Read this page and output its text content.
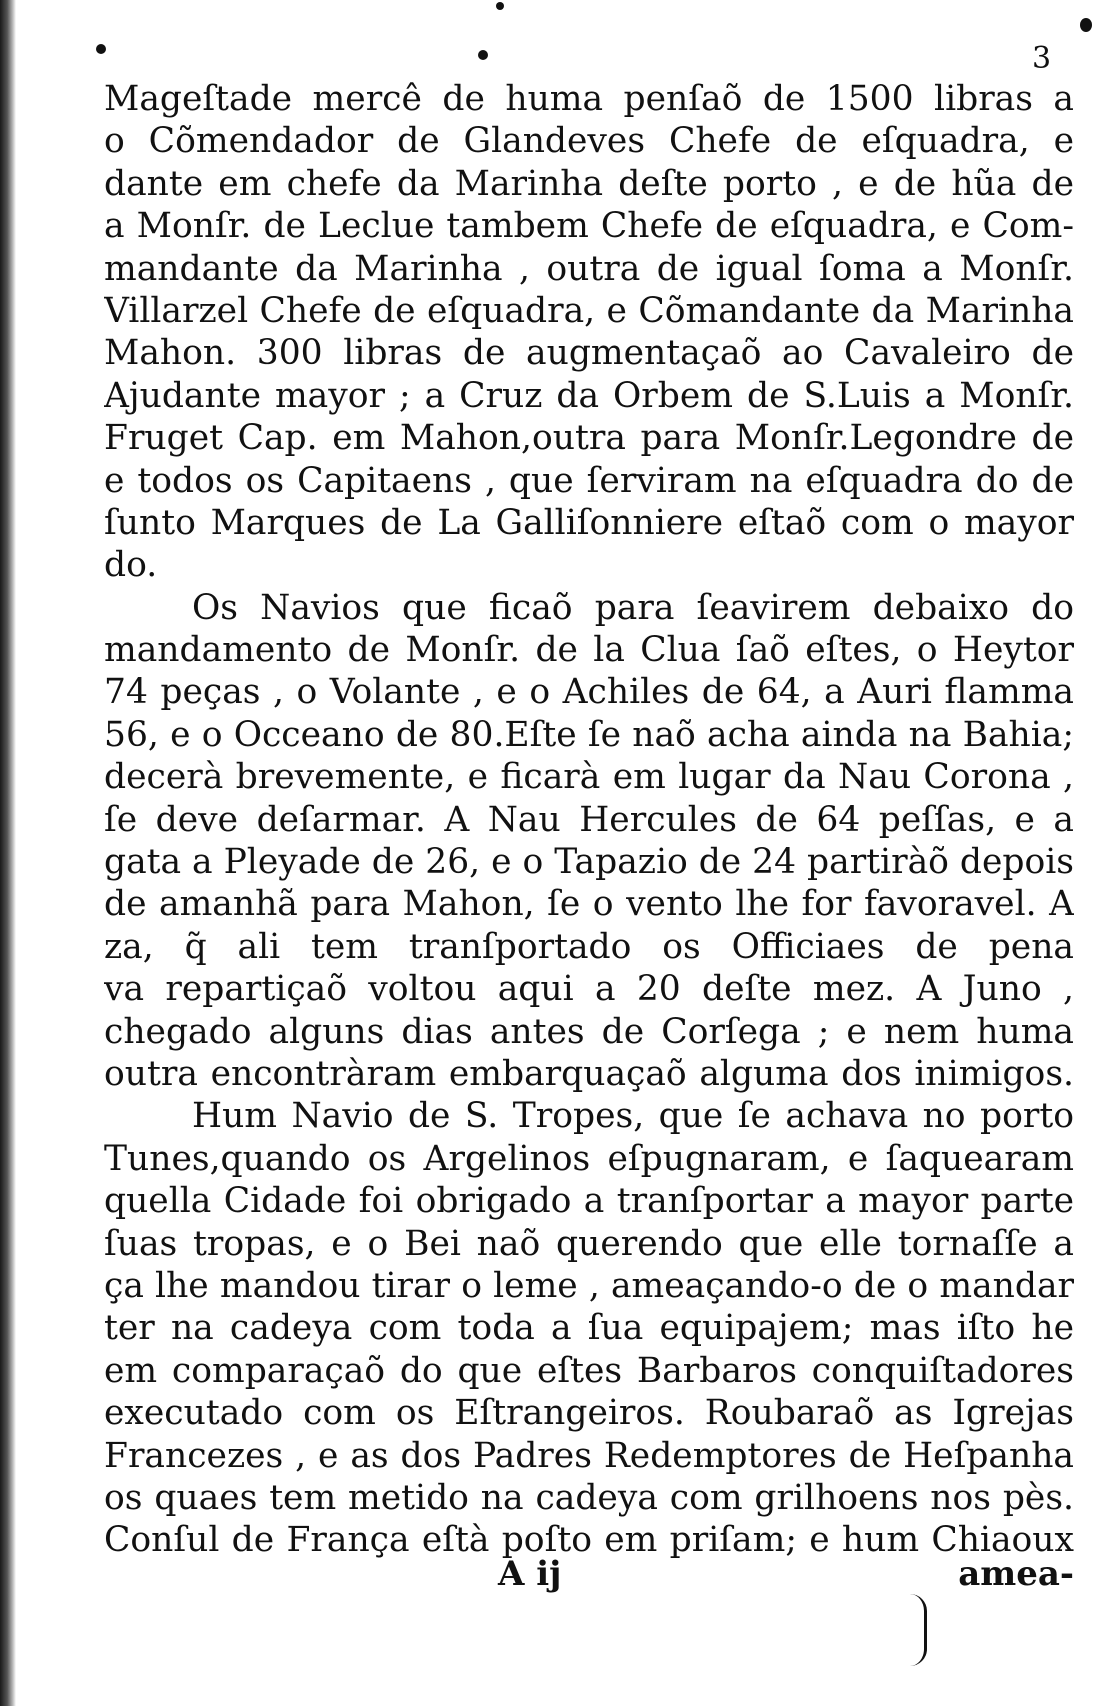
3
Mageſtade mercê de huma penſaõ de 1500 libras a
o Cõmendador de Glandeves Chefe de eſquadra, e
dante em chefe da Marinha deſte porto , e de hũa de
a Monſr. de Leclue tambem Chefe de eſquadra, e Com-
mandante da Marinha , outra de igual ſoma a Monſr.
Villarzel Chefe de eſquadra, e Cõmandante da Marinha
Mahon. 300 libras de augmentaçaõ ao Cavaleiro de
Ajudante mayor ; a Cruz da Orbem de S.Luis a Monſr.
Fruget Cap. em Mahon,outra para Monſr.Legondre de
e todos os Capitaens , que ſerviram na eſquadra do de
ſunto Marques de La Galliſonniere eſtaõ com o mayor
do.
Os Navios que ficaõ para ſeavirem debaixo do
mandamento de Monſr. de la Clua ſaõ eſtes, o Heytor
74 peças , o Volante , e o Achiles de 64, a Auri flamma
56, e o Occeano de 80.Eſte ſe naõ acha ainda na Bahia;
decerà brevemente, e ficarà em lugar da Nau Corona ,
ſe deve deſarmar. A Nau Hercules de 64 peſſas, e a
gata a Pleyade de 26, e o Tapazio de 24 partiràõ depois
de amanhã para Mahon, ſe o vento lhe for favoravel. A
za, q̃ ali tem tranſportado os Officiaes de pena
va repartiçaõ voltou aqui a 20 deſte mez. A Juno ,
chegado alguns dias antes de Corſega ; e nem huma
outra encontràram embarquaçaõ alguma dos inimigos.
Hum Navio de S. Tropes, que ſe achava no porto
Tunes,quando os Argelinos eſpugnaram, e ſaquearam
quella Cidade foi obrigado a tranſportar a mayor parte
ſuas tropas, e o Bei naõ querendo que elle tornaſſe a
ça lhe mandou tirar o leme , ameaçando-o de o mandar
ter na cadeya com toda a ſua equipajem; mas iſto he
em comparaçaõ do que eſtes Barbaros conquiſtadores
executado com os Eſtrangeiros. Roubaraõ as Igrejas
Francezes , e as dos Padres Redemptores de Heſpanha
os quaes tem metido na cadeya com grilhoens nos pès.
Conſul de França eſtà poſto em priſam; e hum Chiaoux
A ij	amea-
